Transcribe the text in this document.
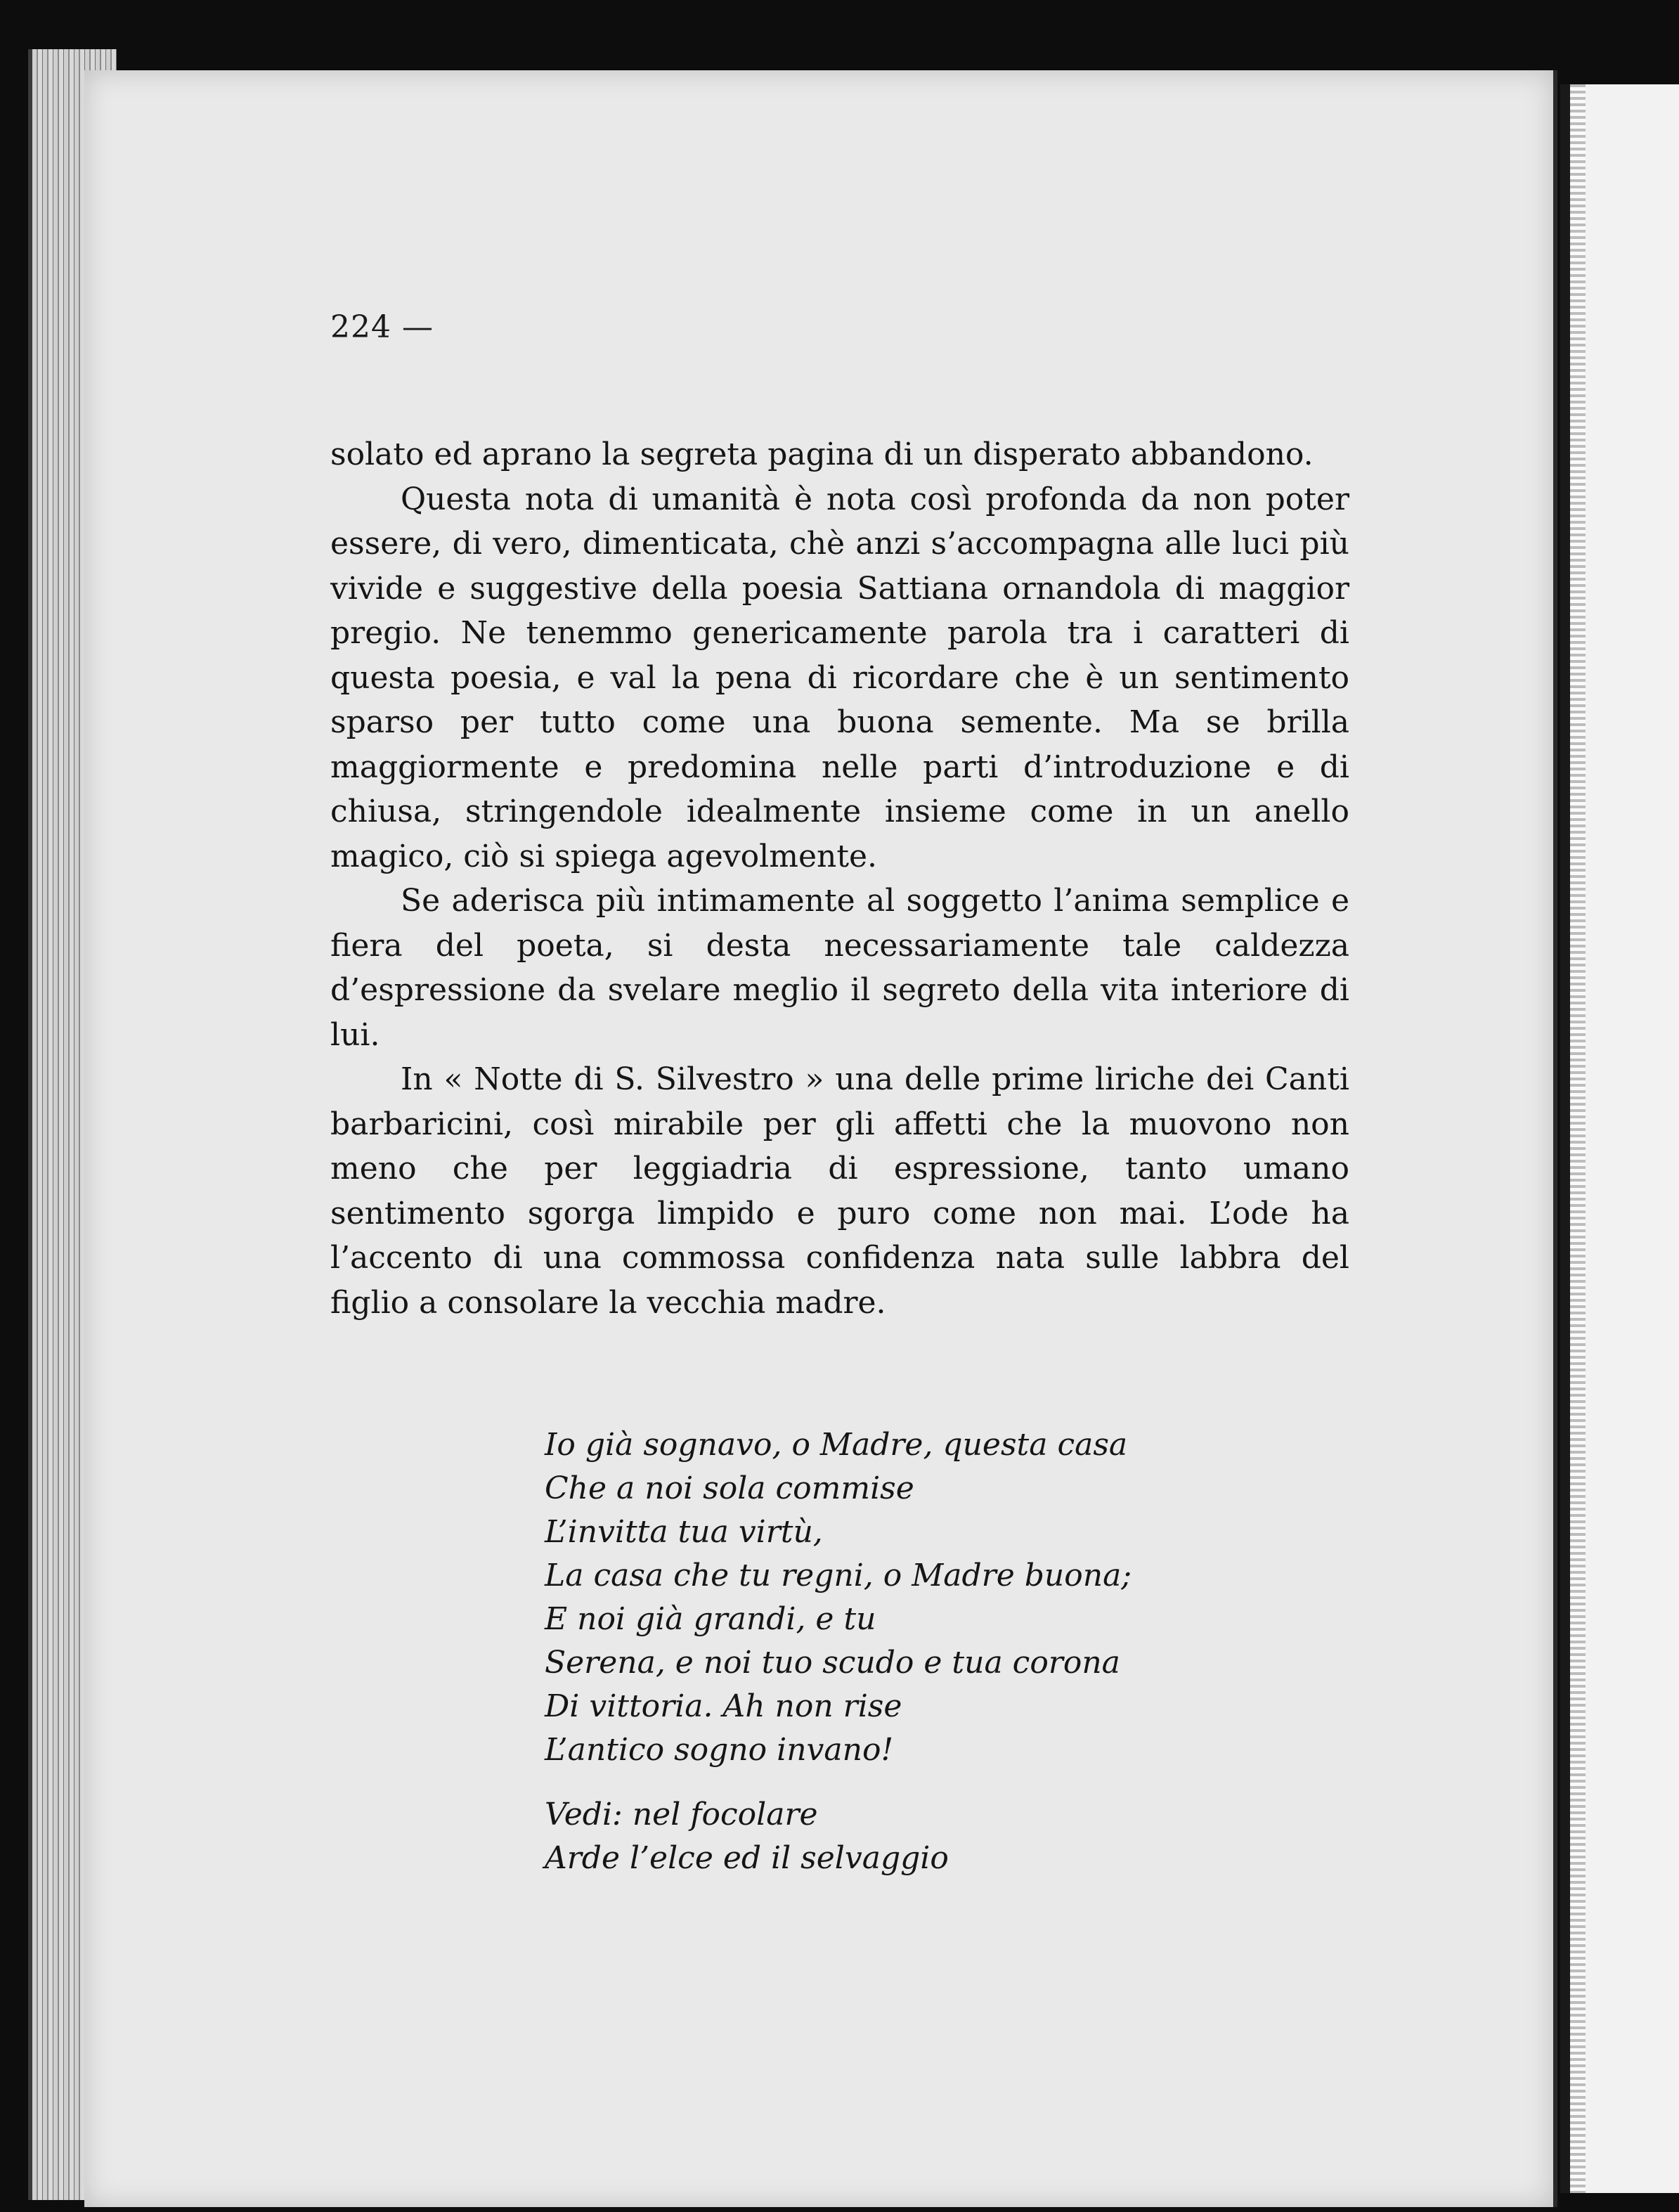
224 —

solato ed aprano la segreta pagina di un disperato abbandono.

Questa nota di umanità è nota così profonda da non poter essere, di vero, dimenticata, chè anzi s’accompagna alle luci più vivide e suggestive della poesia Sattiana ornandola di maggior pregio. Ne tenemmo genericamente parola tra i caratteri di questa poesia, e val la pena di ricordare che è un sentimento sparso per tutto come una buona semente. Ma se brilla maggiormente e predomina nelle parti d’introduzione e di chiusa, stringendole idealmente insieme come in un anello magico, ciò si spiega agevolmente.

Se aderisca più intimamente al soggetto l’anima semplice e fiera del poeta, si desta necessariamente tale caldezza d’espressione da svelare meglio il segreto della vita interiore di lui.

In « Notte di S. Silvestro » una delle prime liriche dei Canti barbaricini, così mirabile per gli affetti che la muovono non meno che per leggiadria di espressione, tanto umano sentimento sgorga limpido e puro come non mai. L’ode ha l’accento di una commossa confidenza nata sulle labbra del figlio a consolare la vecchia madre.

Io già sognavo, o Madre, questa casa
Che a noi sola commise
L’invitta tua virtù,
La casa che tu regni, o Madre buona;
E noi già grandi, e tu
Serena, e noi tuo scudo e tua corona
Di vittoria. Ah non rise
L’antico sogno invano!
Vedi: nel focolare
Arde l’elce ed il selvaggio
